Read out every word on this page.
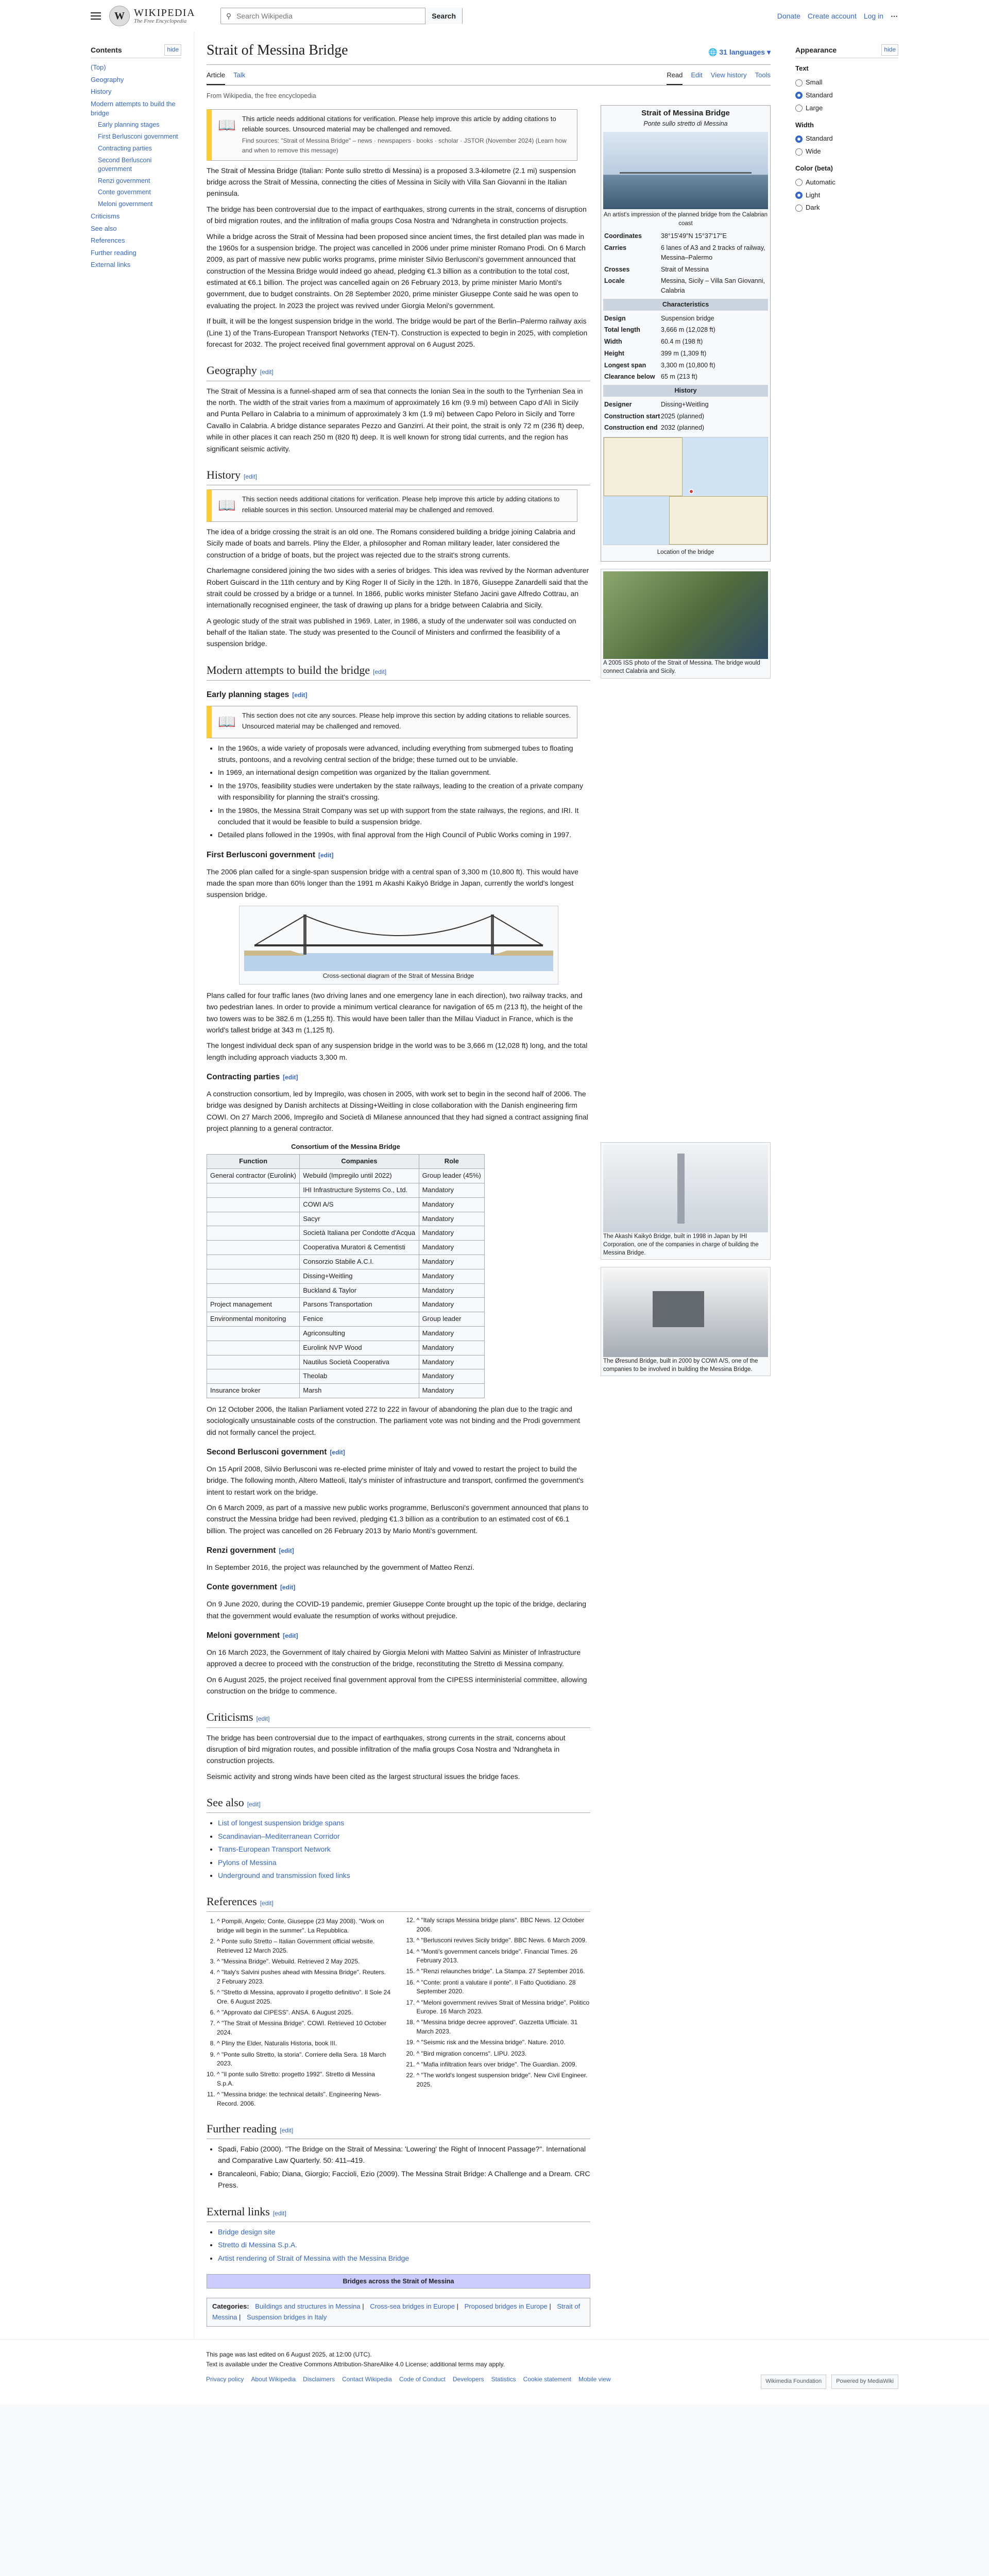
W WIKIPEDIA
The Free Encyclopedia
⚲
Search Wikipedia	Search	Donate Create account Log in ⋯
Contents	hide
(Top)
Geography
History
Modern attempts to build the bridge
Early planning stages
First Berlusconi government
Contracting parties
Second Berlusconi government
Renzi government
Conte government
Meloni government
Criticisms
See also
References
Further reading
External links
Strait of Messina Bridge	🌐 31 languages ▾
Article Talk	Read Edit View history Tools
From Wikipedia, the free encyclopedia
📖 This article needs additional citations for verification. Please help improve this article by adding citations to reliable sources. Unsourced material may be challenged and removed.
Find sources: "Strait of Messina Bridge" – news · newspapers · books · scholar · JSTOR (November 2024) (Learn how and when to remove this message)

The Strait of Messina Bridge (Italian: Ponte sullo stretto di Messina) is a proposed 3.3-kilometre (2.1 mi) suspension bridge across the Strait of Messina, connecting the cities of Messina in Sicily with Villa San Giovanni in the Italian peninsula.

The bridge has been controversial due to the impact of earthquakes, strong currents in the strait, concerns of disruption of bird migration routes, and the infiltration of mafia groups Cosa Nostra and 'Ndrangheta in construction projects.

While a bridge across the Strait of Messina had been proposed since ancient times, the first detailed plan was made in the 1960s for a suspension bridge. The project was cancelled in 2006 under prime minister Romano Prodi. On 6 March 2009, as part of massive new public works programs, prime minister Silvio Berlusconi's government announced that construction of the Messina Bridge would indeed go ahead, pledging €1.3 billion as a contribution to the total cost, estimated at €6.1 billion. The project was cancelled again on 26 February 2013, by prime minister Mario Monti's government, due to budget constraints. On 28 September 2020, prime minister Giuseppe Conte said he was open to evaluating the project. In 2023 the project was revived under Giorgia Meloni's government.

If built, it will be the longest suspension bridge in the world. The bridge would be part of the Berlin–Palermo railway axis (Line 1) of the Trans-European Transport Networks (TEN-T). Construction is expected to begin in 2025, with completion forecast for 2032. The project received final government approval on 6 August 2025.

Geography [edit]

The Strait of Messina is a funnel-shaped arm of sea that connects the Ionian Sea in the south to the Tyrrhenian Sea in the north. The width of the strait varies from a maximum of approximately 16 km (9.9 mi) between Capo d'Alì in Sicily and Punta Pellaro in Calabria to a minimum of approximately 3 km (1.9 mi) between Capo Peloro in Sicily and Torre Cavallo in Calabria. A bridge distance separates Pezzo and Ganzirri. At their point, the strait is only 72 m (236 ft) deep, while in other places it can reach 250 m (820 ft) deep. It is well known for strong tidal currents, and the region has significant seismic activity.

History [edit]
📖 This section needs additional citations for verification. Please help improve this article by adding citations to reliable sources in this section. Unsourced material may be challenged and removed.

The idea of a bridge crossing the strait is an old one. The Romans considered building a bridge joining Calabria and Sicily made of boats and barrels. Pliny the Elder, a philosopher and Roman military leader, later considered the construction of a bridge of boats, but the project was rejected due to the strait's strong currents.

Charlemagne considered joining the two sides with a series of bridges. This idea was revived by the Norman adventurer Robert Guiscard in the 11th century and by King Roger II of Sicily in the 12th. In 1876, Giuseppe Zanardelli said that the strait could be crossed by a bridge or a tunnel. In 1866, public works minister Stefano Jacini gave Alfredo Cottrau, an internationally recognised engineer, the task of drawing up plans for a bridge between Calabria and Sicily.

A geologic study of the strait was published in 1969. Later, in 1986, a study of the underwater soil was conducted on behalf of the Italian state. The study was presented to the Council of Ministers and confirmed the feasibility of a suspension bridge.

Modern attempts to build the bridge [edit]
Early planning stages [edit]
📖 This section does not cite any sources. Please help improve this section by adding citations to reliable sources. Unsourced material may be challenged and removed.
• In the 1960s, a wide variety of proposals were advanced, including everything from submerged tubes to floating struts, pontoons, and a revolving central section of the bridge; these turned out to be unviable.
• In 1969, an international design competition was organized by the Italian government.
• In the 1970s, feasibility studies were undertaken by the state railways, leading to the creation of a private company with responsibility for planning the strait's crossing.
• In the 1980s, the Messina Strait Company was set up with support from the state railways, the regions, and IRI. It concluded that it would be feasible to build a suspension bridge.
• Detailed plans followed in the 1990s, with final approval from the High Council of Public Works coming in 1997.
First Berlusconi government [edit]

The 2006 plan called for a single-span suspension bridge with a central span of 3,300 m (10,800 ft). This would have made the span more than 60% longer than the 1991 m Akashi Kaikyō Bridge in Japan, currently the world's longest suspension bridge.

Cross-sectional diagram of the Strait of Messina Bridge

Plans called for four traffic lanes (two driving lanes and one emergency lane in each direction), two railway tracks, and two pedestrian lanes. In order to provide a minimum vertical clearance for navigation of 65 m (213 ft), the height of the two towers was to be 382.6 m (1,255 ft). This would have been taller than the Millau Viaduct in France, which is the world's tallest bridge at 343 m (1,125 ft).

The longest individual deck span of any suspension bridge in the world was to be 3,666 m (12,028 ft) long, and the total length including approach viaducts 3,300 m.

Contracting parties [edit]

A construction consortium, led by Impregilo, was chosen in 2005, with work set to begin in the second half of 2006. The bridge was designed by Danish architects at Dissing+Weitling in close collaboration with the Danish engineering firm COWI. On 27 March 2006, Impregilo and Società di Milanese announced that they had signed a contract assigning final project planning to a general contractor.

Consortium of the Messina Bridge
Function	Companies	Role
General contractor (Eurolink)	Webuild (Impregilo until 2022)	Group leader (45%)
	IHI Infrastructure Systems Co., Ltd.	Mandatory
	COWI A/S	Mandatory
	Sacyr	Mandatory
	Società Italiana per Condotte d'Acqua	Mandatory
	Cooperativa Muratori & Cementisti	Mandatory
	Consorzio Stabile A.C.I.	Mandatory
	Dissing+Weitling	Mandatory
	Buckland & Taylor	Mandatory
Project management	Parsons Transportation	Mandatory
Environmental monitoring	Fenice	Group leader
	Agriconsulting	Mandatory
	Eurolink NVP Wood	Mandatory
	Nautilus Società Cooperativa	Mandatory
	Theolab	Mandatory
Insurance broker	Marsh	Mandatory

On 12 October 2006, the Italian Parliament voted 272 to 222 in favour of abandoning the plan due to the tragic and sociologically unsustainable costs of the construction. The parliament vote was not binding and the Prodi government did not formally cancel the project.

Second Berlusconi government [edit]

On 15 April 2008, Silvio Berlusconi was re-elected prime minister of Italy and vowed to restart the project to build the bridge. The following month, Altero Matteoli, Italy's minister of infrastructure and transport, confirmed the government's intent to restart work on the bridge.

On 6 March 2009, as part of a massive new public works programme, Berlusconi's government announced that plans to construct the Messina bridge had been revived, pledging €1.3 billion as a contribution to an estimated cost of €6.1 billion. The project was cancelled on 26 February 2013 by Mario Monti's government.

Renzi government [edit]

In September 2016, the project was relaunched by the government of Matteo Renzi.

Conte government [edit]

On 9 June 2020, during the COVID-19 pandemic, premier Giuseppe Conte brought up the topic of the bridge, declaring that the government would evaluate the resumption of works without prejudice.

Meloni government [edit]

On 16 March 2023, the Government of Italy chaired by Giorgia Meloni with Matteo Salvini as Minister of Infrastructure approved a decree to proceed with the construction of the bridge, reconstituting the Stretto di Messina company.

On 6 August 2025, the project received final government approval from the CIPESS interministerial committee, allowing construction on the bridge to commence.

Criticisms [edit]

The bridge has been controversial due to the impact of earthquakes, strong currents in the strait, concerns about disruption of bird migration routes, and possible infiltration of the mafia groups Cosa Nostra and 'Ndrangheta in construction projects.

Seismic activity and strong winds have been cited as the largest structural issues the bridge faces.

See also [edit]
• List of longest suspension bridge spans
• Scandinavian–Mediterranean Corridor
• Trans-European Transport Network
• Pylons of Messina
• Underground and transmission fixed links
References [edit]
1. ^ Pompili, Angelo; Conte, Giuseppe (23 May 2008). "Work on bridge will begin in the summer". La Repubblica.
2. ^ Ponte sullo Stretto – Italian Government official website. Retrieved 12 March 2025.
3. ^ "Messina Bridge". Webuild. Retrieved 2 May 2025.
4. ^ "Italy's Salvini pushes ahead with Messina Bridge". Reuters. 2 February 2023.
5. ^ "Stretto di Messina, approvato il progetto definitivo". Il Sole 24 Ore. 6 August 2025.
6. ^ "Approvato dal CIPESS". ANSA. 6 August 2025.
7. ^ "The Strait of Messina Bridge". COWI. Retrieved 10 October 2024.
8. ^ Pliny the Elder, Naturalis Historia, book III.
9. ^ "Ponte sullo Stretto, la storia". Corriere della Sera. 18 March 2023.
10. ^ "Il ponte sullo Stretto: progetto 1992". Stretto di Messina S.p.A.
11. ^ "Messina bridge: the technical details". Engineering News-Record. 2006.
12. ^ "Italy scraps Messina bridge plans". BBC News. 12 October 2006.
13. ^ "Berlusconi revives Sicily bridge". BBC News. 6 March 2009.
14. ^ "Monti's government cancels bridge". Financial Times. 26 February 2013.
15. ^ "Renzi relaunches bridge". La Stampa. 27 September 2016.
16. ^ "Conte: pronti a valutare il ponte". Il Fatto Quotidiano. 28 September 2020.
17. ^ "Meloni government revives Strait of Messina bridge". Politico Europe. 16 March 2023.
18. ^ "Messina bridge decree approved". Gazzetta Ufficiale. 31 March 2023.
19. ^ "Seismic risk and the Messina bridge". Nature. 2010.
20. ^ "Bird migration concerns". LIPU. 2023.
21. ^ "Mafia infiltration fears over bridge". The Guardian. 2009.
22. ^ "The world's longest suspension bridge". New Civil Engineer. 2025.
Further reading [edit]
• Spadi, Fabio (2000). "The Bridge on the Strait of Messina: 'Lowering' the Right of Innocent Passage?". International and Comparative Law Quarterly. 50: 411–419.
• Brancaleoni, Fabio; Diana, Giorgio; Faccioli, Ezio (2009). The Messina Strait Bridge: A Challenge and a Dream. CRC Press.
External links [edit]
• Bridge design site
• Stretto di Messina S.p.A.
• Artist rendering of Strait of Messina with the Messina Bridge
Bridges across the Strait of Messina
Categories: Buildings and structures in Messina | Cross-sea bridges in Europe | Proposed bridges in Europe | Strait of Messina | Suspension bridges in Italy
Strait of Messina Bridge
Ponte sullo stretto di Messina
An artist's impression of the planned bridge from the Calabrian coast
Coordinates	38°15′49″N 15°37′17″E
Carries	6 lanes of A3 and 2 tracks of railway, Messina–Palermo
Crosses	Strait of Messina
Locale	Messina, Sicily – Villa San Giovanni, Calabria
Characteristics
Design	Suspension bridge
Total length	3,666 m (12,028 ft)
Width	60.4 m (198 ft)
Height	399 m (1,309 ft)
Longest span	3,300 m (10,800 ft)
Clearance below 65 m (213 ft)
History
Designer	Dissing+Weitling
Construction start 2025 (planned)
Construction end 2032 (planned)
Location of the bridge
A 2005 ISS photo of the Strait of Messina. The bridge would connect Calabria and Sicily.
The Akashi Kaikyō Bridge, built in 1998 in Japan by IHI Corporation, one of the companies in charge of building the Messina Bridge.
The Øresund Bridge, built in 2000 by COWI A/S, one of the companies to be involved in building the Messina Bridge.
Appearance	hide
Text
Small
Standard
Large
Width
Standard
Wide
Color (beta)
Automatic
Light
Dark
This page was last edited on 6 August 2025, at 12:00 (UTC).
Text is available under the Creative Commons Attribution-ShareAlike 4.0 License; additional terms may apply.
Privacy policy About Wikipedia Disclaimers Contact Wikipedia Code of Conduct Developers Statistics Cookie statement Mobile view	Wikimedia Foundation	Powered by MediaWiki
